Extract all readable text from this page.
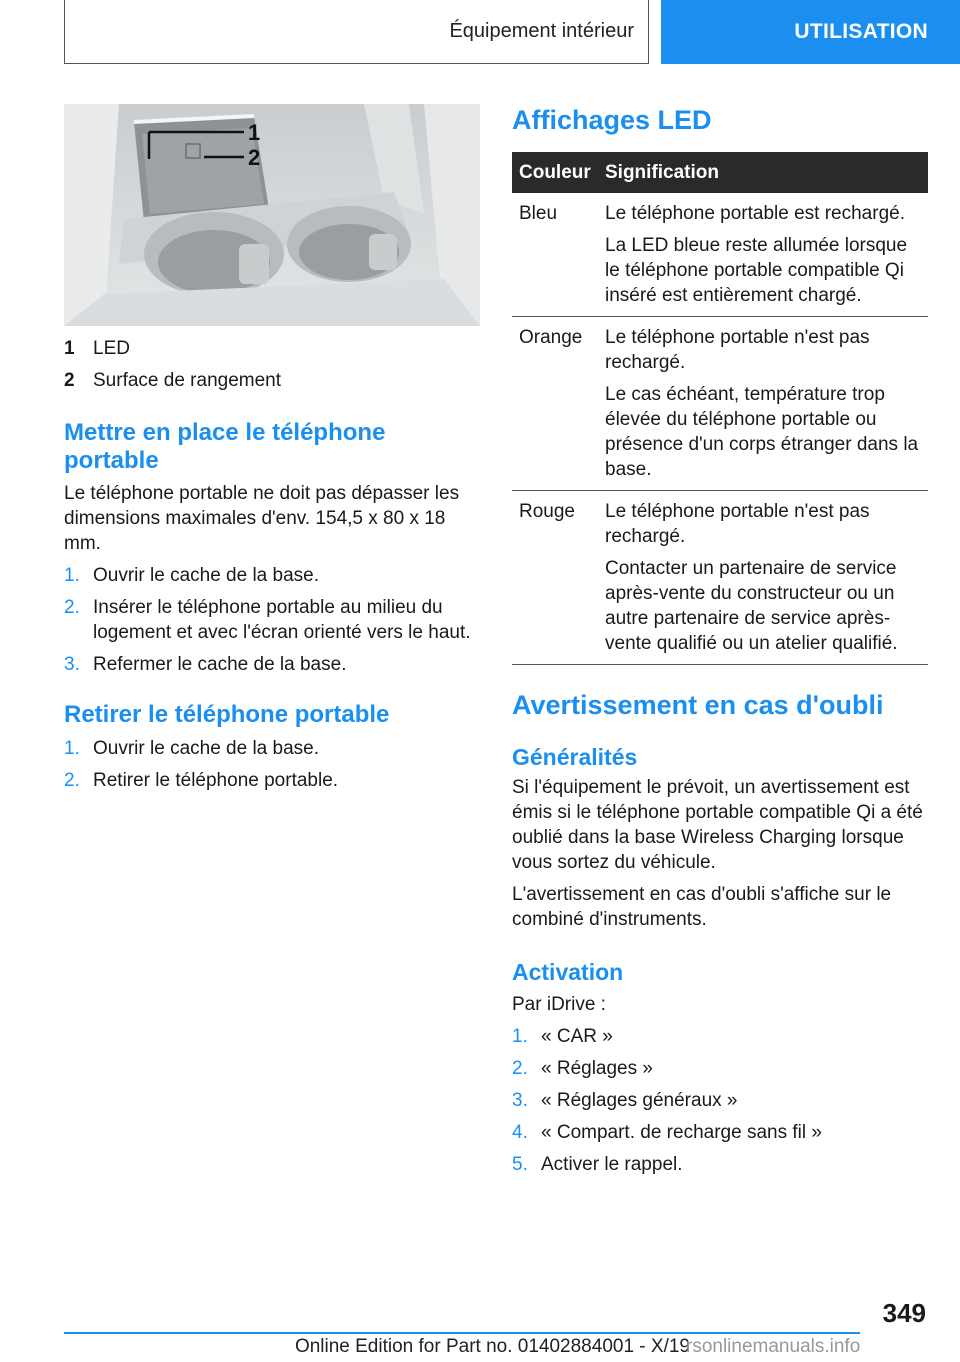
Équipement intérieur	UTILISATION
1
2
1 LED
2 Surface de rangement
Mettre en place le téléphone portable

Le téléphone portable ne doit pas dépasser les dimensions maximales d'env. 154,5 x 80 x 18 mm.

1. Ouvrir le cache de la base.
2. Insérer le téléphone portable au milieu du logement et avec l'écran orienté vers le haut.
3. Refermer le cache de la base.
Retirer le téléphone portable
1. Ouvrir le cache de la base.
2. Retirer le téléphone portable.
Affichages LED
Couleur	Signification
Bleu	Le téléphone portable est rechargé.

La LED bleue reste allumée lorsque le téléphone portable compatible Qi inséré est entièrement chargé.

Orange	Le téléphone portable n'est pas rechargé.

Le cas échéant, température trop élevée du téléphone portable ou présence d'un corps étranger dans la base.

Rouge	Le téléphone portable n'est pas rechargé.

Contacter un partenaire de service après-vente du constructeur ou un autre partenaire de service après-vente qualifié ou un atelier qualifié.

Avertissement en cas d'oubli
Généralités

Si l'équipement le prévoit, un avertissement est émis si le téléphone portable compatible Qi a été oublié dans la base Wireless Charging lorsque vous sortez du véhicule.

L'avertissement en cas d'oubli s'affiche sur le combiné d'instruments.

Activation

Par iDrive :

1. « CAR »
2. « Réglages »
3. « Réglages généraux »
4. « Compart. de recharge sans fil »
5. Activer le rappel.
349
Online Edition for Part no. 01402884001 - X/19
rsonlinemanuals.info
